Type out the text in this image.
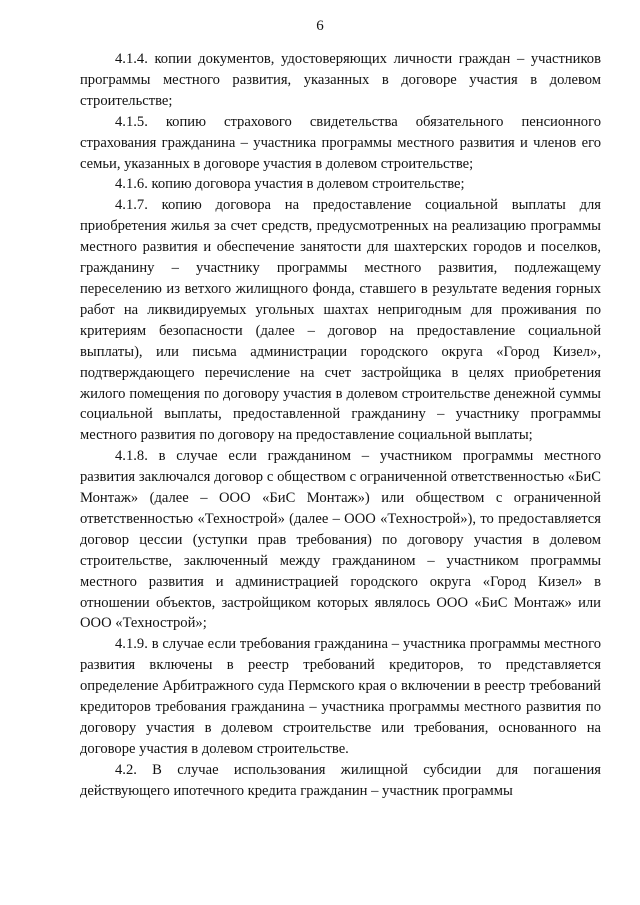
6

4.1.4. копии документов, удостоверяющих личности граждан – участников программы местного развития, указанных в договоре участия в долевом строительстве;

4.1.5. копию страхового свидетельства обязательного пенсионного страхования гражданина – участника программы местного развития и членов его семьи, указанных в договоре участия в долевом строительстве;

4.1.6. копию договора участия в долевом строительстве;

4.1.7. копию договора на предоставление социальной выплаты для приобретения жилья за счет средств, предусмотренных на реализацию программы местного развития и обеспечение занятости для шахтерских городов и поселков, гражданину – участнику программы местного развития, подлежащему переселению из ветхого жилищного фонда, ставшего в результате ведения горных работ на ликвидируемых угольных шахтах непригодным для проживания по критериям безопасности (далее – договор на предоставление социальной выплаты), или письма администрации городского округа «Город Кизел», подтверждающего перечисление на счет застройщика в целях приобретения жилого помещения по договору участия в долевом строительстве денежной суммы социальной выплаты, предоставленной гражданину – участнику программы местного развития по договору на предоставление социальной выплаты;

4.1.8. в случае если гражданином – участником программы местного развития заключался договор с обществом с ограниченной ответственностью «БиС Монтаж» (далее – ООО «БиС Монтаж») или обществом с ограниченной ответственностью «Технострой» (далее – ООО «Технострой»), то предоставляется договор цессии (уступки прав требования) по договору участия в долевом строительстве, заключенный между гражданином – участником программы местного развития и администрацией городского округа «Город Кизел» в отношении объектов, застройщиком которых являлось ООО «БиС Монтаж» или ООО «Технострой»;

4.1.9. в случае если требования гражданина – участника программы местного развития включены в реестр требований кредиторов, то представляется определение Арбитражного суда Пермского края о включении в реестр требований кредиторов требования гражданина – участника программы местного развития по договору участия в долевом строительстве или требования, основанного на договоре участия в долевом строительстве.

4.2. В случае использования жилищной субсидии для погашения действующего ипотечного кредита гражданин – участник программы
